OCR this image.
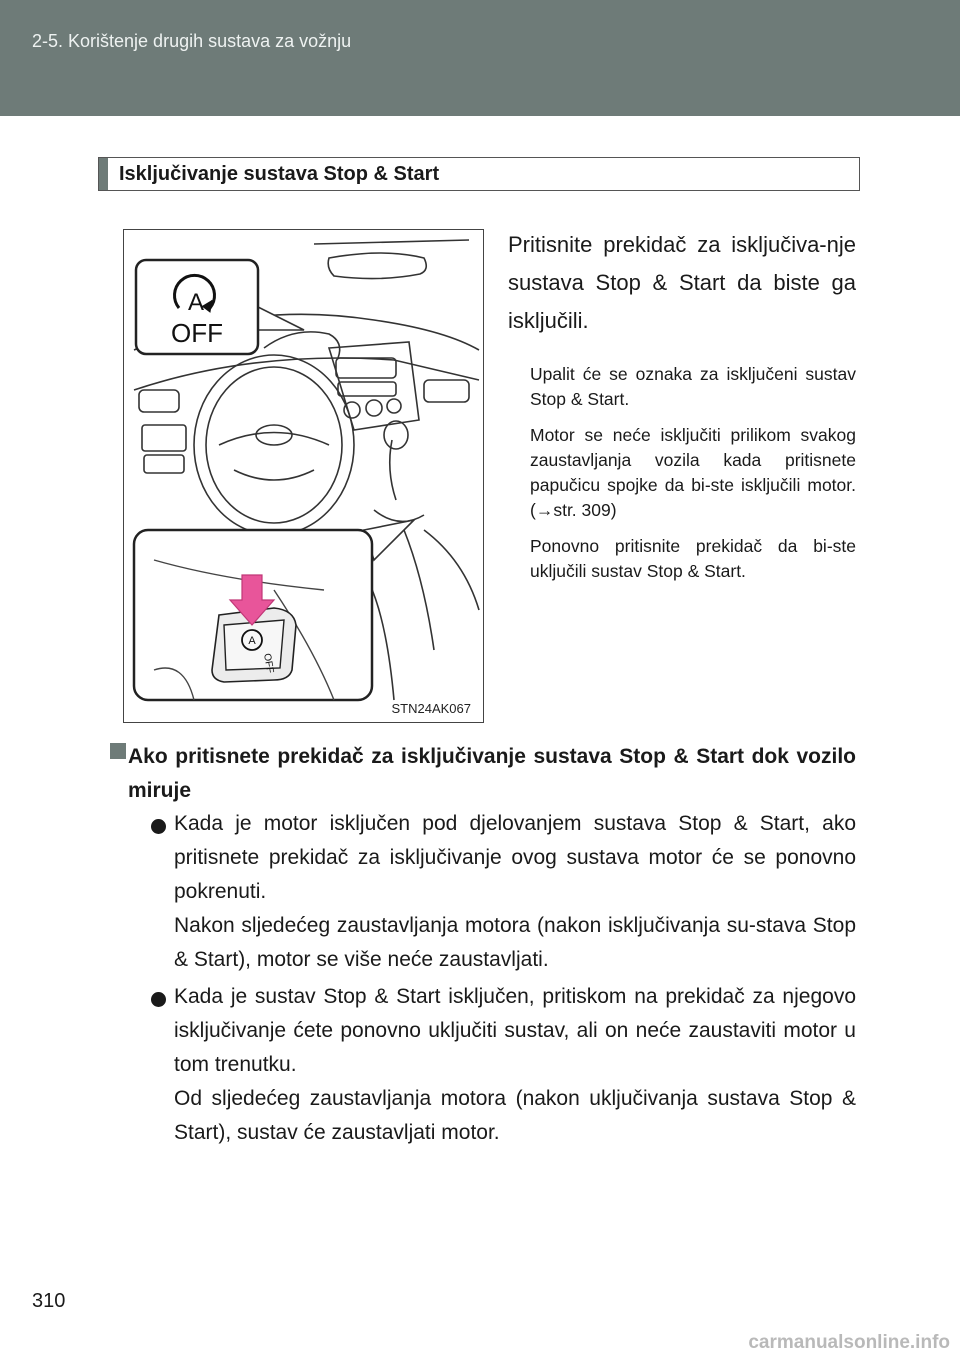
2-5. Korištenje drugih sustava za vožnju
Isključivanje sustava Stop & Start
A
OFF
A
OFF
STN24AK067
Pritisnite prekidač za isključiva-nje sustava Stop & Start da biste ga isključili.

Upalit će se oznaka za isključeni sustav Stop & Start.

Motor se neće isključiti prilikom svakog zaustavljanja vozila kada pritisnete papučicu spojke da bi-ste isključili motor. (→str. 309)

Ponovno pritisnite prekidač da bi-ste uključili sustav Stop & Start.

Ako pritisnete prekidač za isključivanje sustava Stop & Start dok vozilo miruje

Kada je motor isključen pod djelovanjem sustava Stop & Start, ako pritisnete prekidač za isključivanje ovog sustava motor će se ponovno pokrenuti.

Nakon sljedećeg zaustavljanja motora (nakon isključivanja su-stava Stop & Start), motor se više neće zaustavljati.

Kada je sustav Stop & Start isključen, pritiskom na prekidač za njegovo isključivanje ćete ponovno uključiti sustav, ali on neće zaustaviti motor u tom trenutku.

Od sljedećeg zaustavljanja motora (nakon uključivanja sustava Stop & Start), sustav će zaustavljati motor.

310
carmanualsonline.info
